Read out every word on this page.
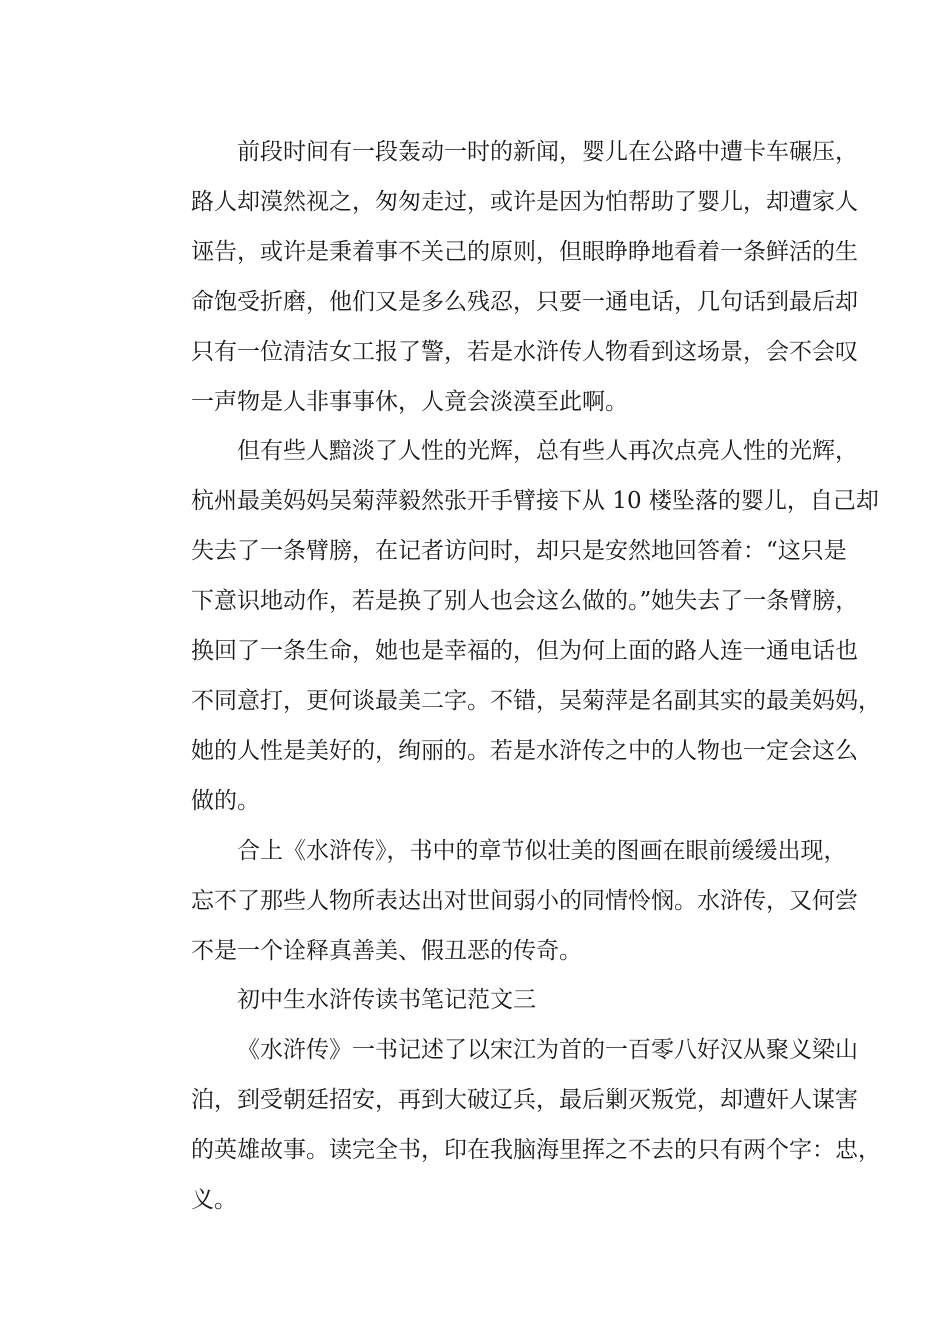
前段时间有一段轰动一时的新闻，婴儿在公路中遭卡车碾压，
路人却漠然视之，匆匆走过，或许是因为怕帮助了婴儿，却遭家人
诬告，或许是秉着事不关己的原则，但眼睁睁地看着一条鲜活的生
命饱受折磨，他们又是多么残忍，只要一通电话，几句话到最后却
只有一位清洁女工报了警，若是水浒传人物看到这场景，会不会叹
一声物是人非事事休，人竟会淡漠至此啊。
但有些人黯淡了人性的光辉，总有些人再次点亮人性的光辉，
杭州最美妈妈吴菊萍毅然张开手臂接下从 10 楼坠落的婴儿，自己却
失去了一条臂膀，在记者访问时，却只是安然地回答着：“这只是
下意识地动作，若是换了别人也会这么做的。”她失去了一条臂膀，
换回了一条生命，她也是幸福的，但为何上面的路人连一通电话也
不同意打，更何谈最美二字。不错，吴菊萍是名副其实的最美妈妈，
她的人性是美好的，绚丽的。若是水浒传之中的人物也一定会这么
做的。
合上《水浒传》，书中的章节似壮美的图画在眼前缓缓出现，
忘不了那些人物所表达出对世间弱小的同情怜悯。水浒传，又何尝
不是一个诠释真善美、假丑恶的传奇。
初中生水浒传读书笔记范文三
《水浒传》一书记述了以宋江为首的一百零八好汉从聚义梁山
泊，到受朝廷招安，再到大破辽兵，最后剿灭叛党，却遭奸人谋害
的英雄故事。读完全书，印在我脑海里挥之不去的只有两个字：忠，
义。
